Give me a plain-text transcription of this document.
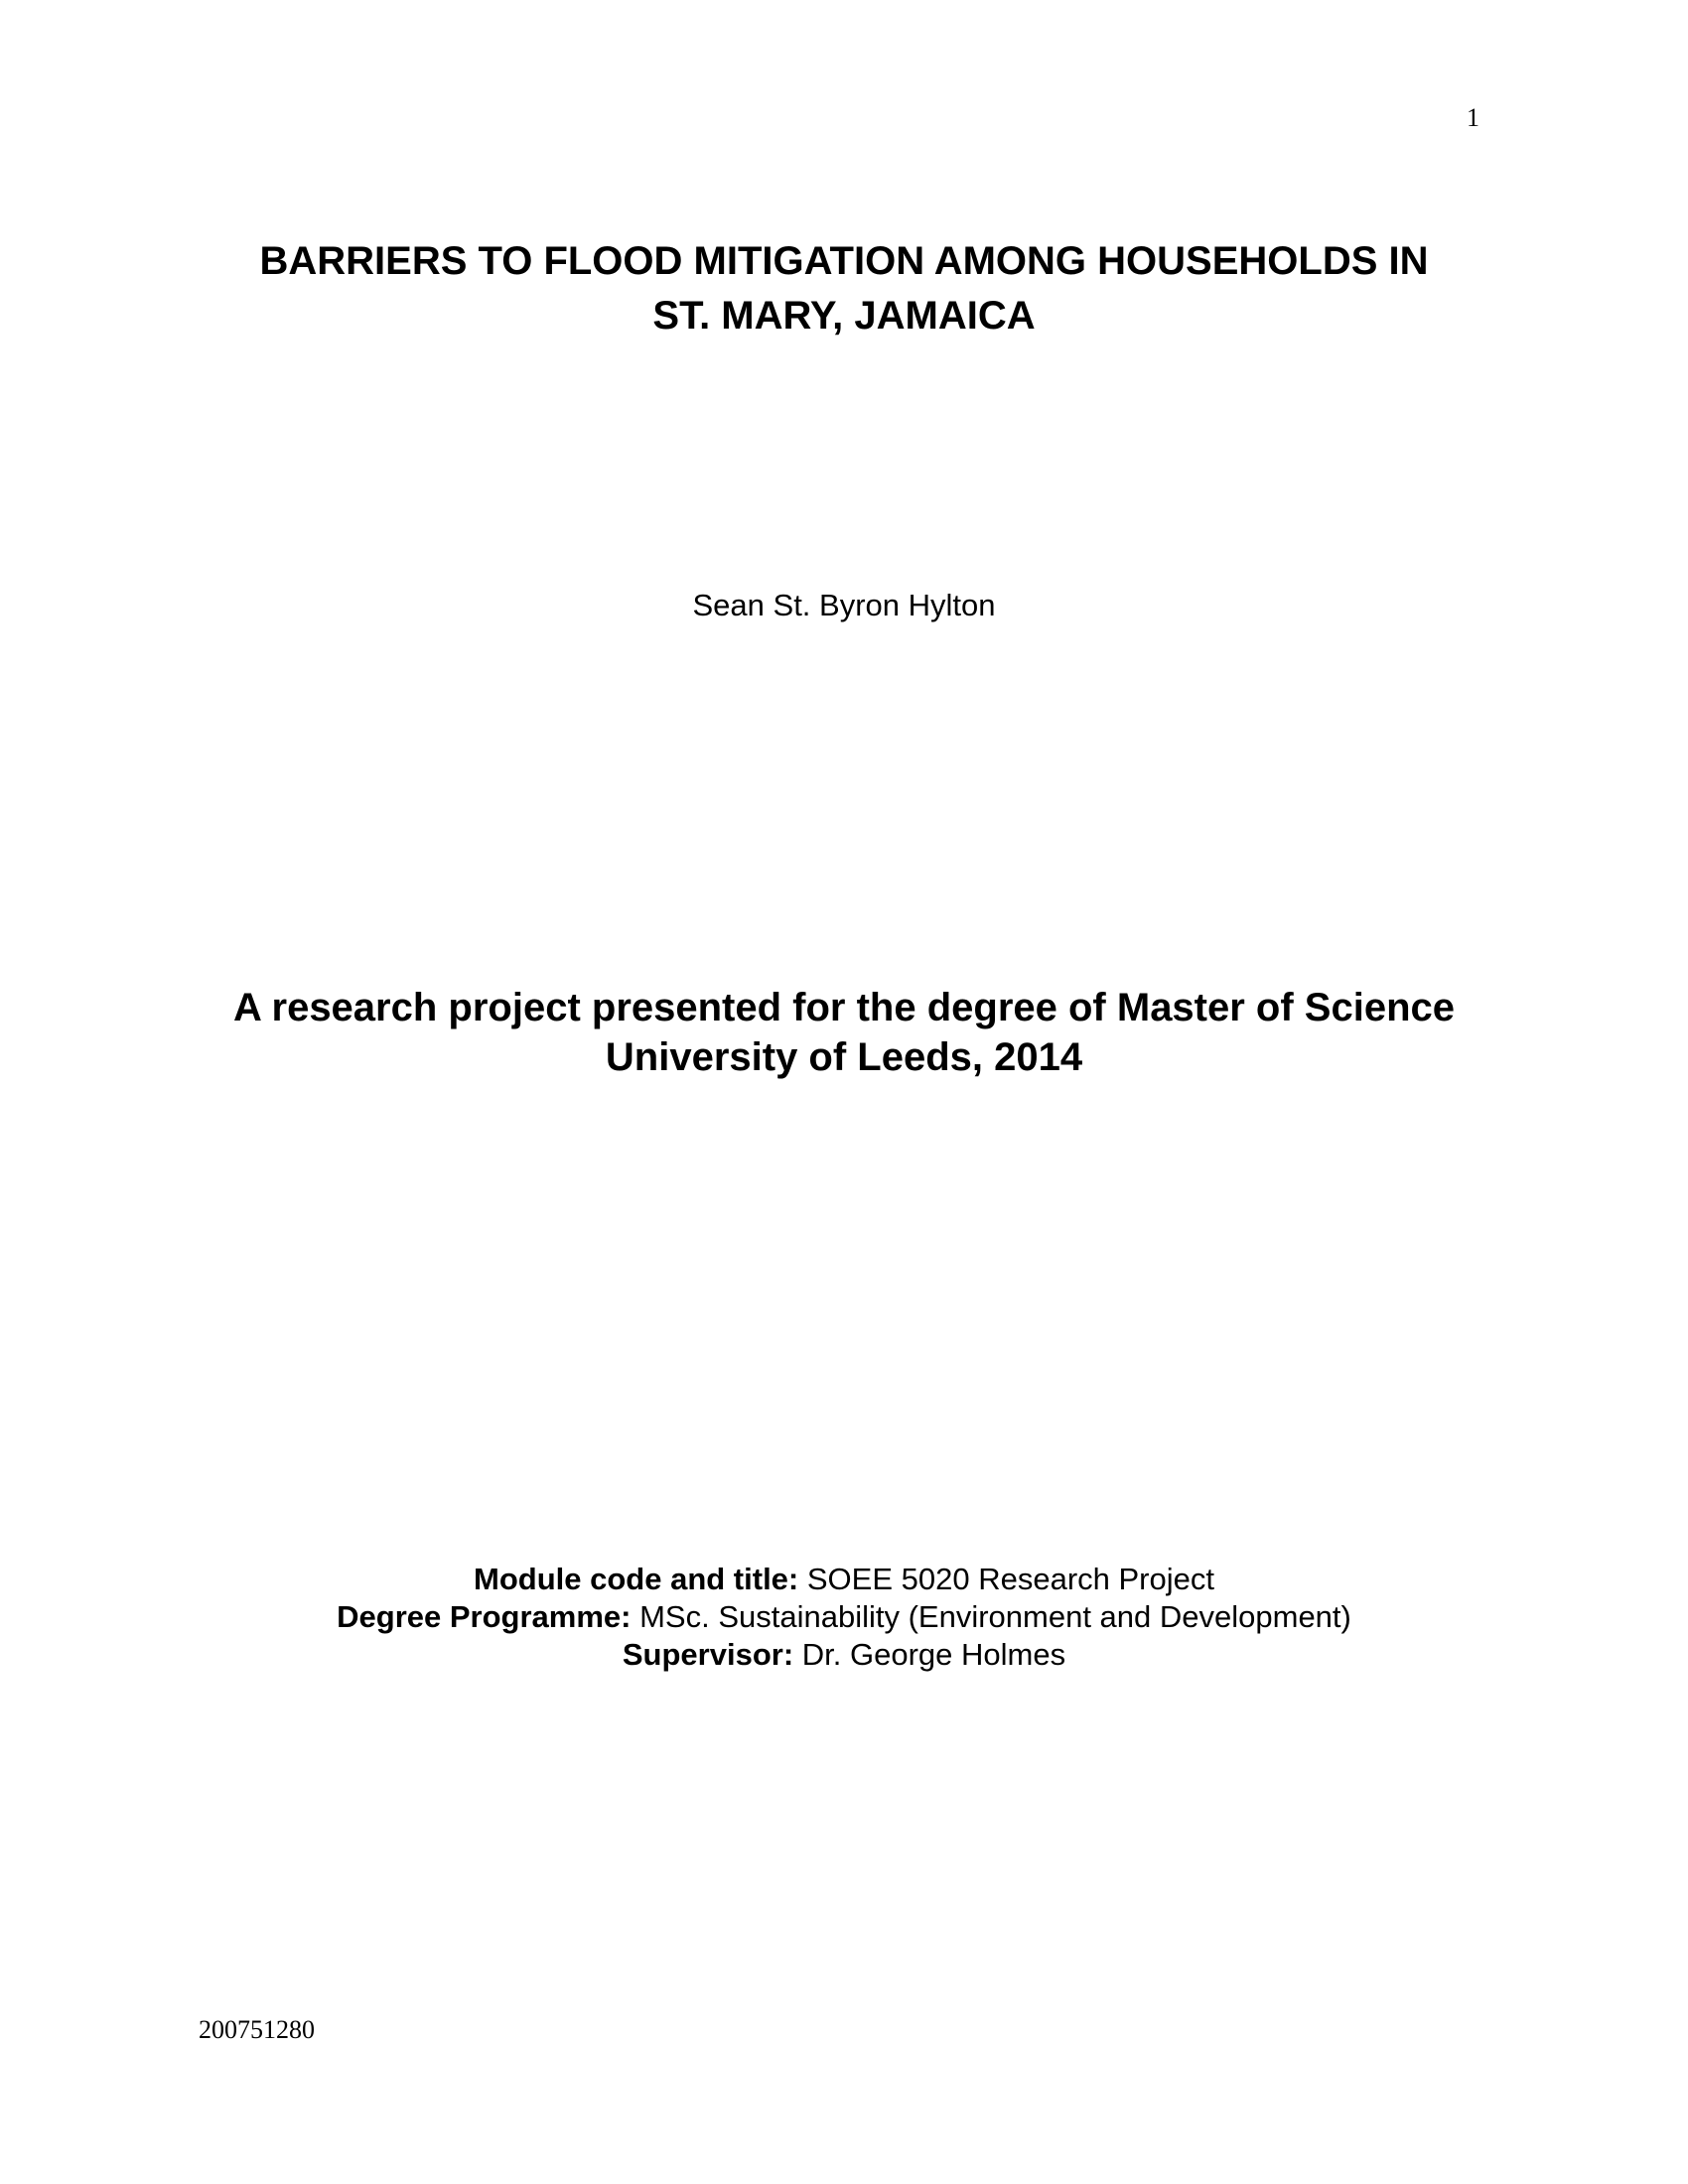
1
BARRIERS TO FLOOD MITIGATION AMONG HOUSEHOLDS IN
ST. MARY, JAMAICA
Sean St. Byron Hylton
A research project presented for the degree of Master of Science
University of Leeds, 2014
Module code and title: SOEE 5020 Research Project
Degree Programme: MSc. Sustainability (Environment and Development)
Supervisor: Dr. George Holmes
200751280
